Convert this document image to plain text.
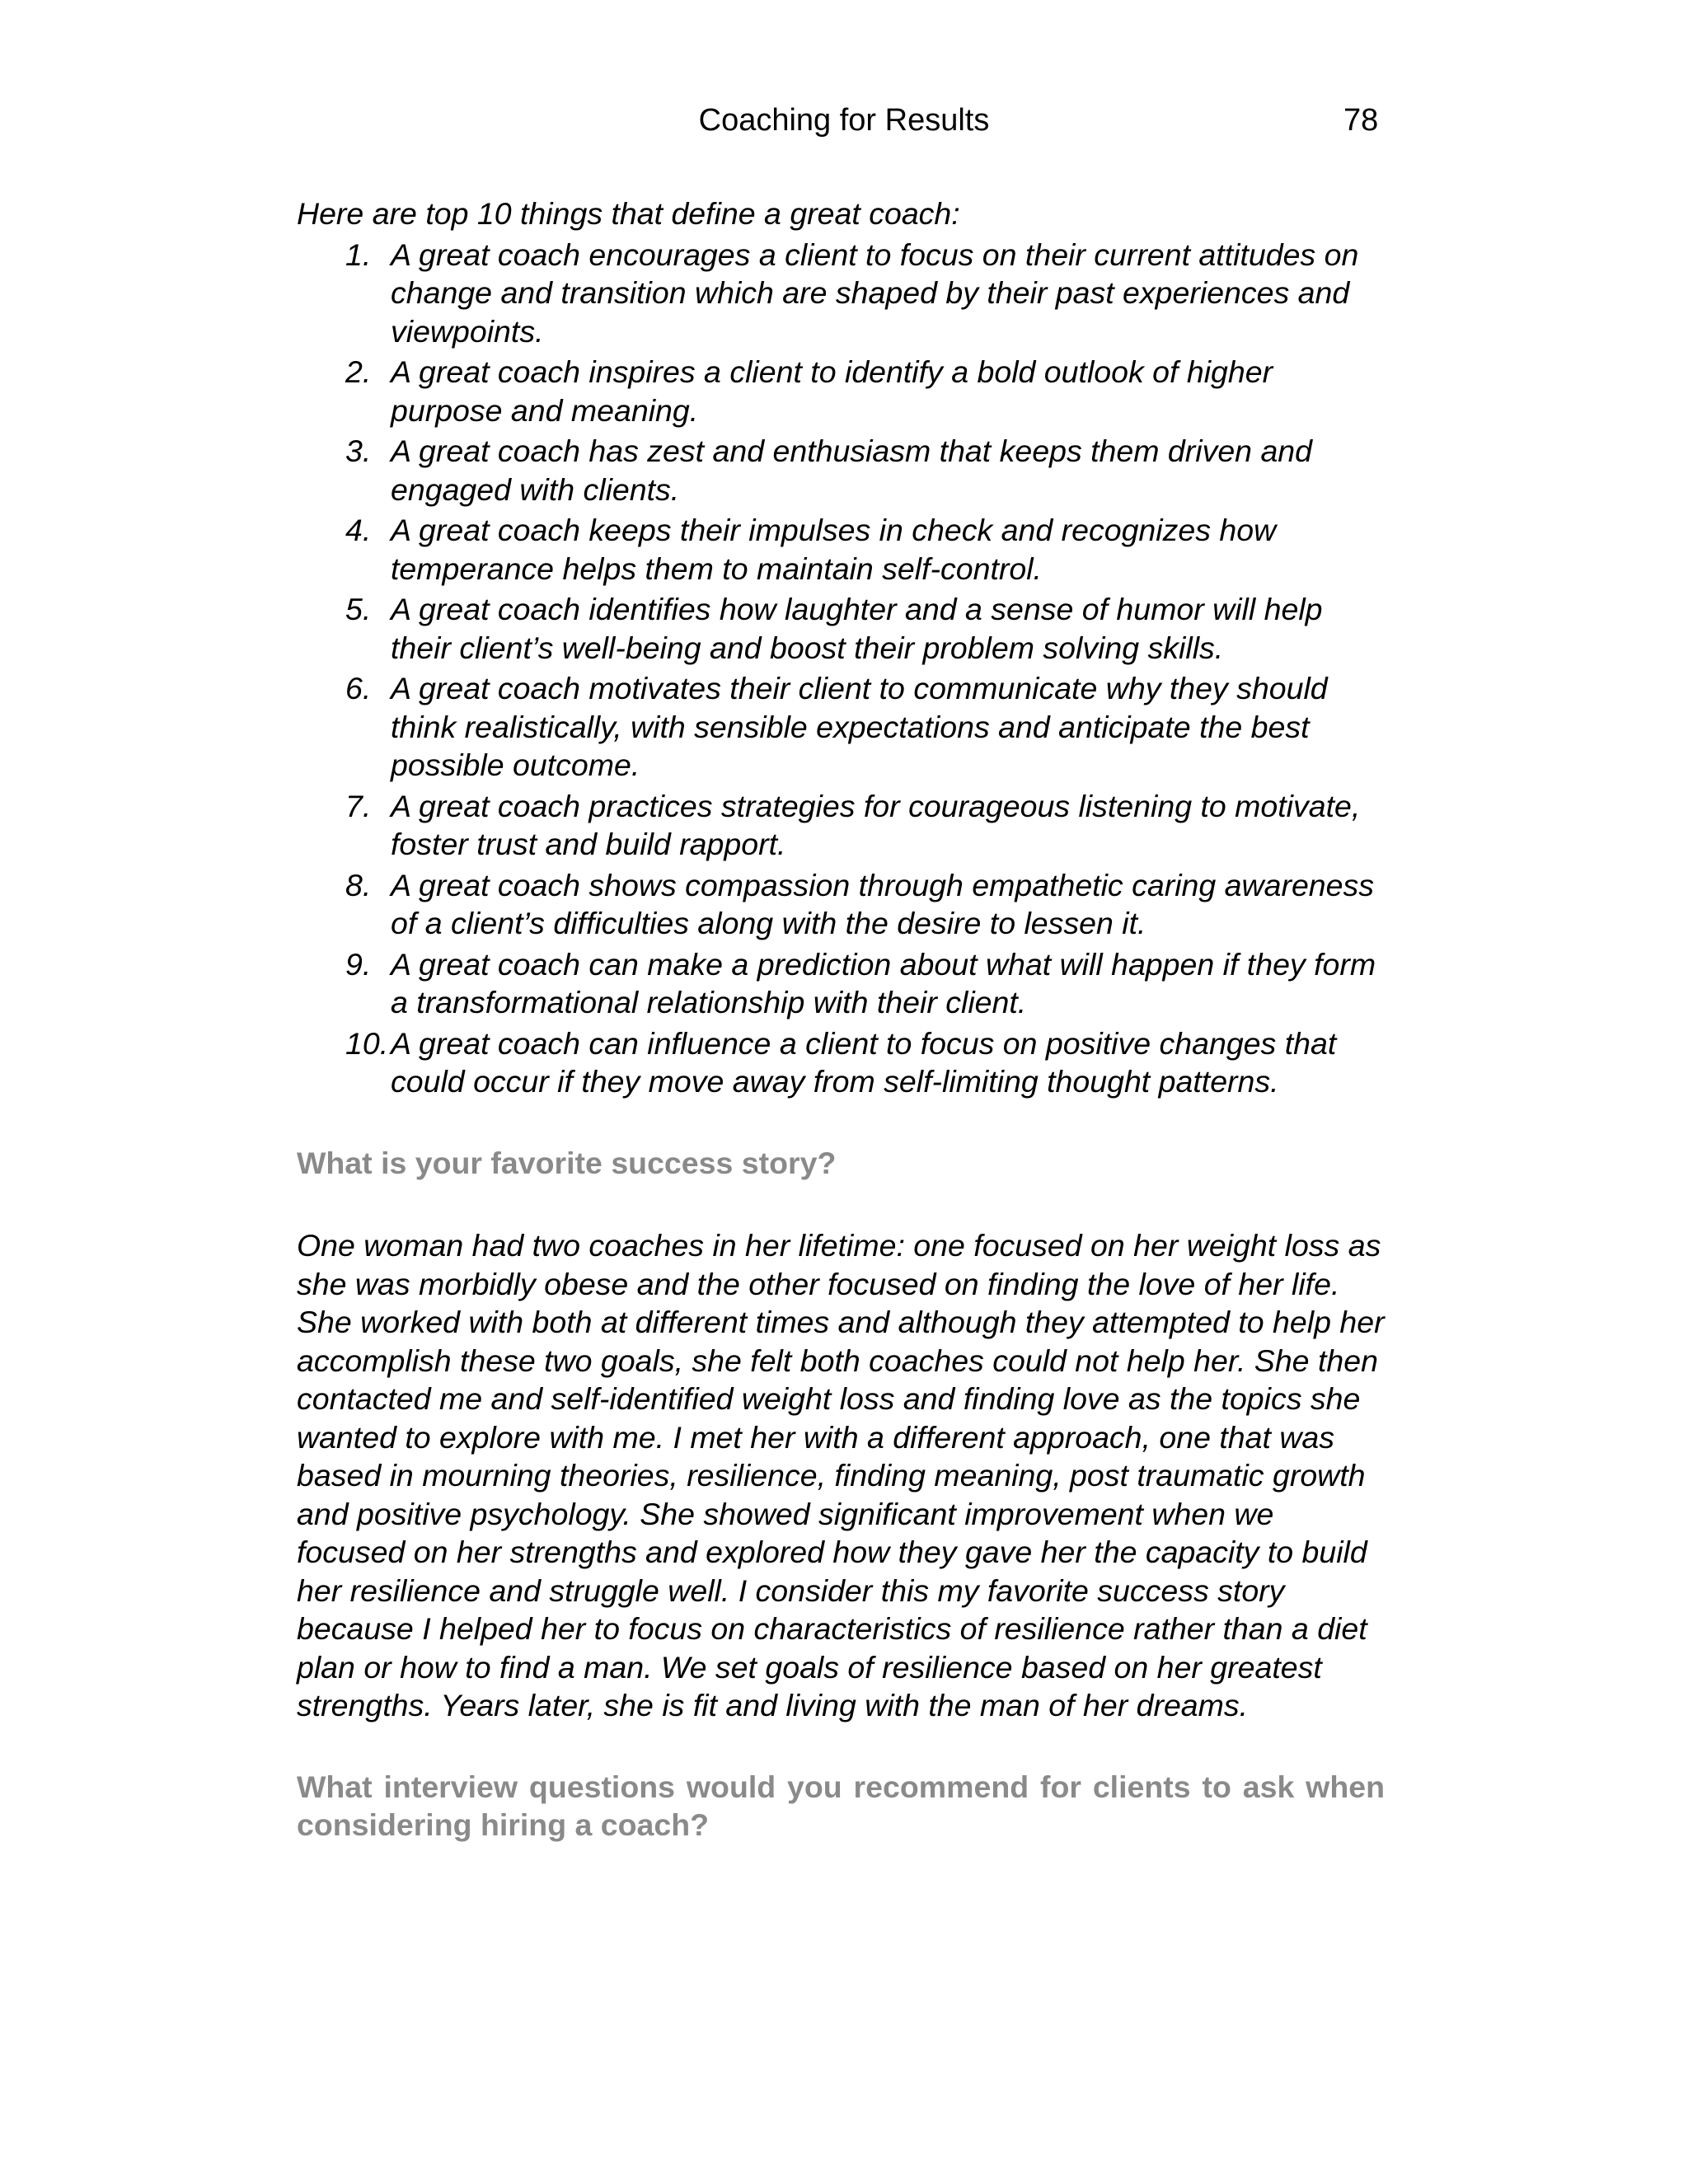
Coaching for Results	78

Here are top 10 things that define a great coach:

1. A great coach encourages a client to focus on their current attitudes on change and transition which are shaped by their past experiences and viewpoints.
2. A great coach inspires a client to identify a bold outlook of higher purpose and meaning.
3. A great coach has zest and enthusiasm that keeps them driven and engaged with clients.
4. A great coach keeps their impulses in check and recognizes how temperance helps them to maintain self-control.
5. A great coach identifies how laughter and a sense of humor will help their client’s well-being and boost their problem solving skills.
6. A great coach motivates their client to communicate why they should think realistically, with sensible expectations and anticipate the best possible outcome.
7. A great coach practices strategies for courageous listening to motivate, foster trust and build rapport.
8. A great coach shows compassion through empathetic caring awareness of a client’s difficulties along with the desire to lessen it.
9. A great coach can make a prediction about what will happen if they form a transformational relationship with their client.
10. A great coach can influence a client to focus on positive changes that could occur if they move away from self-limiting thought patterns.

What is your favorite success story?

One woman had two coaches in her lifetime: one focused on her weight loss as she was morbidly obese and the other focused on finding the love of her life. She worked with both at different times and although they attempted to help her accomplish these two goals, she felt both coaches could not help her. She then contacted me and self-identified weight loss and finding love as the topics she wanted to explore with me. I met her with a different approach, one that was based in mourning theories, resilience, finding meaning, post traumatic growth and positive psychology. She showed significant improvement when we focused on her strengths and explored how they gave her the capacity to build her resilience and struggle well. I consider this my favorite success story because I helped her to focus on characteristics of resilience rather than a diet plan or how to find a man. We set goals of resilience based on her greatest strengths. Years later, she is fit and living with the man of her dreams.

What interview questions would you recommend for clients to ask when considering hiring a coach?
